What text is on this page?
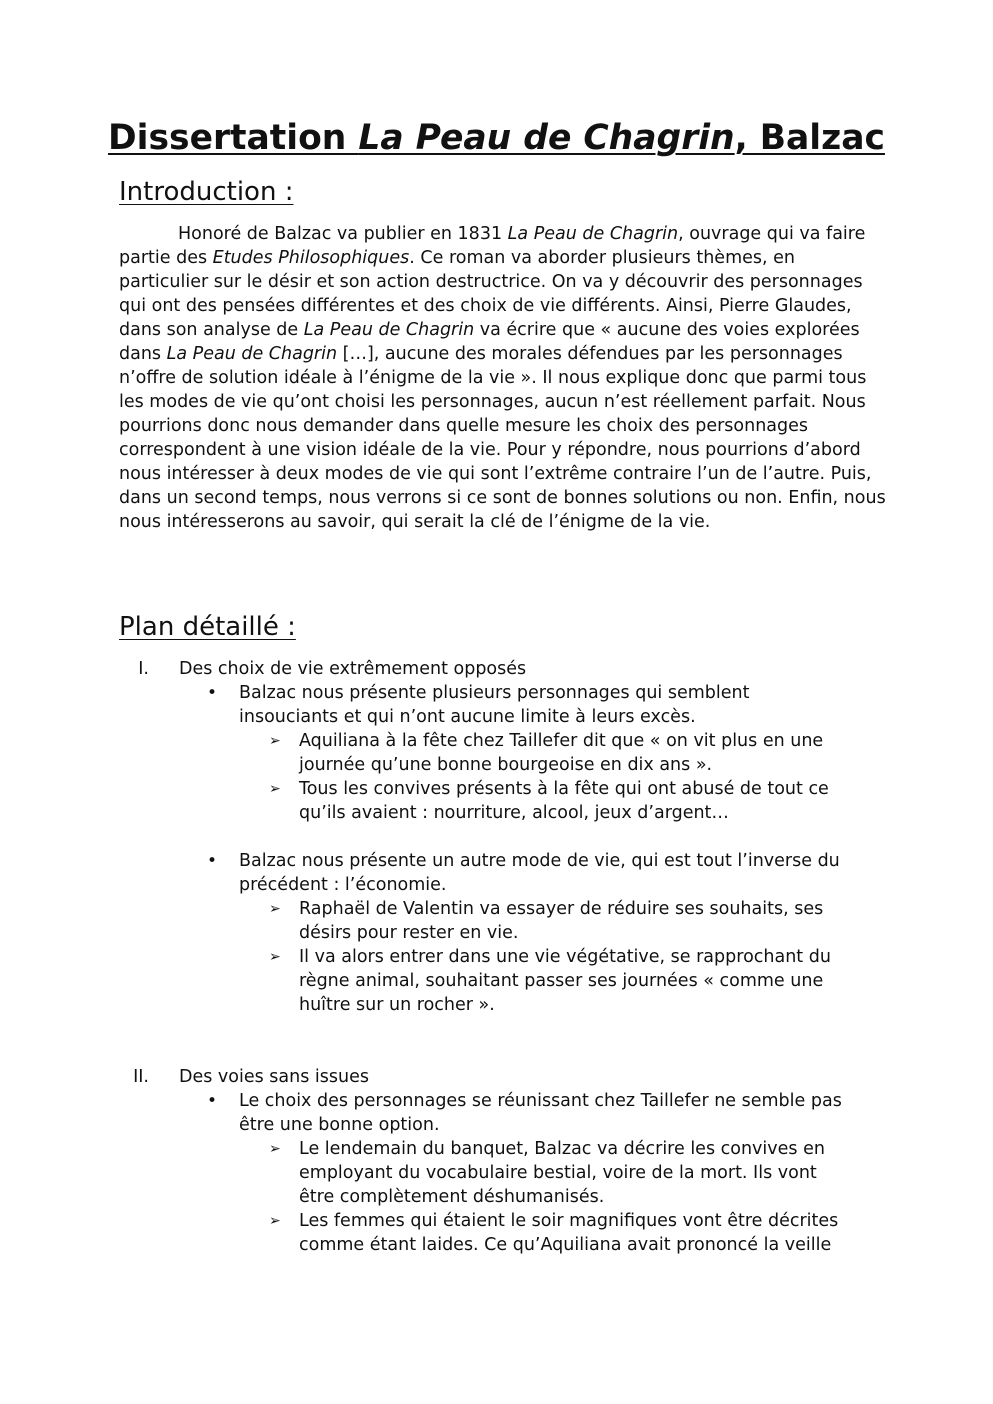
Dissertation La Peau de Chagrin, Balzac
Introduction :

Honoré de Balzac va publier en 1831 La Peau de Chagrin, ouvrage qui va faire partie des Etudes Philosophiques. Ce roman va aborder plusieurs thèmes, en particulier sur le désir et son action destructrice. On va y découvrir des personnages qui ont des pensées différentes et des choix de vie différents. Ainsi, Pierre Glaudes, dans son analyse de La Peau de Chagrin va écrire que « aucune des voies explorées dans La Peau de Chagrin […], aucune des morales défendues par les personnages n’offre de solution idéale à l’énigme de la vie ». Il nous explique donc que parmi tous les modes de vie qu’ont choisi les personnages, aucun n’est réellement parfait. Nous pourrions donc nous demander dans quelle mesure les choix des personnages correspondent à une vision idéale de la vie. Pour y répondre, nous pourrions d’abord nous intéresser à deux modes de vie qui sont l’extrême contraire l’un de l’autre. Puis, dans un second temps, nous verrons si ce sont de bonnes solutions ou non. Enfin, nous nous intéresserons au savoir, qui serait la clé de l’énigme de la vie.

Plan détaillé :
I. Des choix de vie extrêmement opposés
• Balzac nous présente plusieurs personnages qui semblent
insouciants et qui n’ont aucune limite à leurs excès.
➢ Aquiliana à la fête chez Taillefer dit que « on vit plus en une
journée qu’une bonne bourgeoise en dix ans ».
➢ Tous les convives présents à la fête qui ont abusé de tout ce
qu’ils avaient : nourriture, alcool, jeux d’argent…
• Balzac nous présente un autre mode de vie, qui est tout l’inverse du
précédent : l’économie.
➢ Raphaël de Valentin va essayer de réduire ses souhaits, ses
désirs pour rester en vie.
➢ Il va alors entrer dans une vie végétative, se rapprochant du
règne animal, souhaitant passer ses journées « comme une
huître sur un rocher ».
II. Des voies sans issues
• Le choix des personnages se réunissant chez Taillefer ne semble pas
être une bonne option.
➢ Le lendemain du banquet, Balzac va décrire les convives en
employant du vocabulaire bestial, voire de la mort. Ils vont
être complètement déshumanisés.
➢ Les femmes qui étaient le soir magnifiques vont être décrites
comme étant laides. Ce qu’Aquiliana avait prononcé la veille
